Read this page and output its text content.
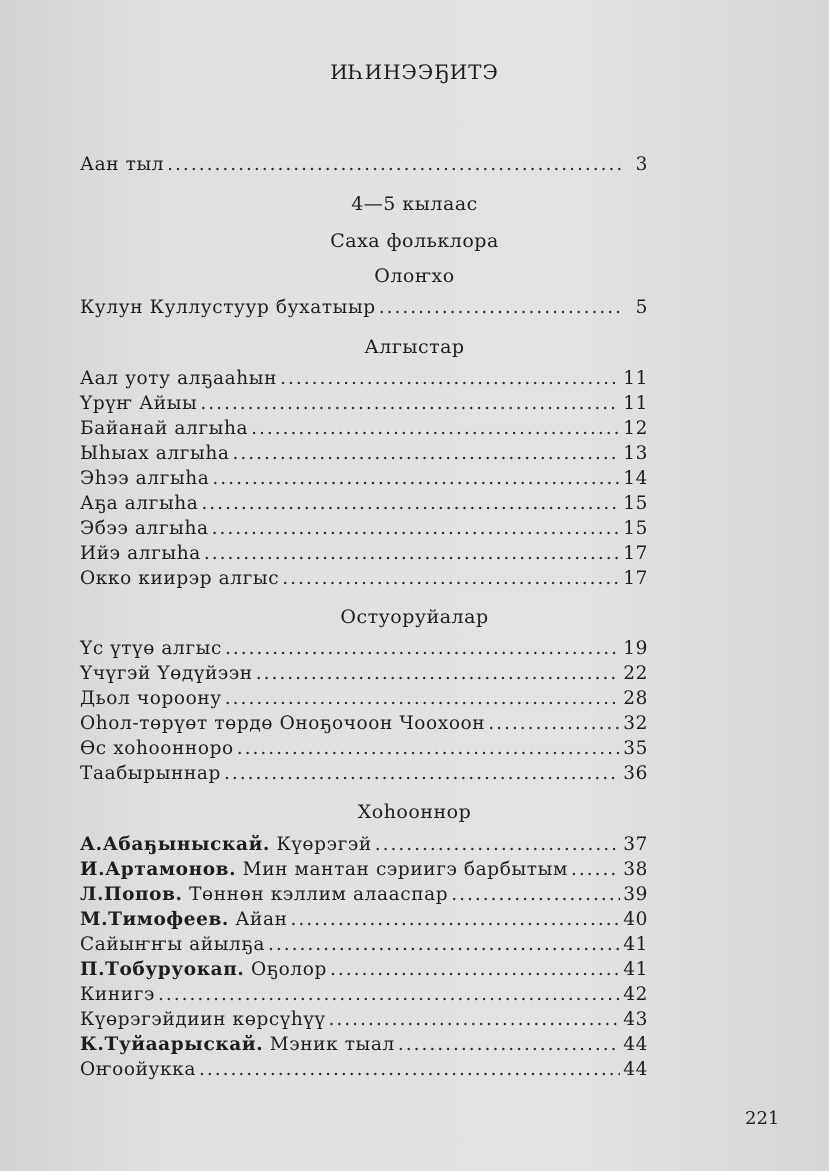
ИҺИНЭЭҔИТЭ
Аан тыл .....	3
4—5 кылаас
Саха фольклора
Олоҥхо
Кулун Куллустуур бухатыыр .....	5
Алгыстар
Аал уоту алҕааһын .....	11
Үрүҥ Айыы .....	11
Байанай алгыһа .....	12
Ыһыах алгыһа .....	13
Эһээ алгыһа .....	14
Аҕа алгыһа .....	15
Эбээ алгыһа .....	15
Ийэ алгыһа .....	17
Окко киирэр алгыс .....	17
Остуоруйалар
Үс үтүө алгыс .....	19
Үчүгэй Үөдүйээн .....	22
Дьол чороону .....	28
Оһол-төрүөт төрдө Оноҕочоон Чоохоон .....	32
Өс хоһоонноро .....	35
Таабырыннар .....	36
Хоһооннор
А.Абаҕыныскай. Күөрэгэй .....	37
И.Артамонов. Мин мантан сэриигэ барбытым .....	38
Л.Попов. Төннөн кэллим алааспар .....	39
М.Тимофеев. Айан .....	40
Сайыҥҥы айылҕа .....	41
П.Тобуруокап. Оҕолор .....	41
Кинигэ .....	42
Күөрэгэйдиин көрсүһүү .....	43
К.Туйаарыскай. Мэник тыал .....	44
Оҥоойукка .....	44
221
